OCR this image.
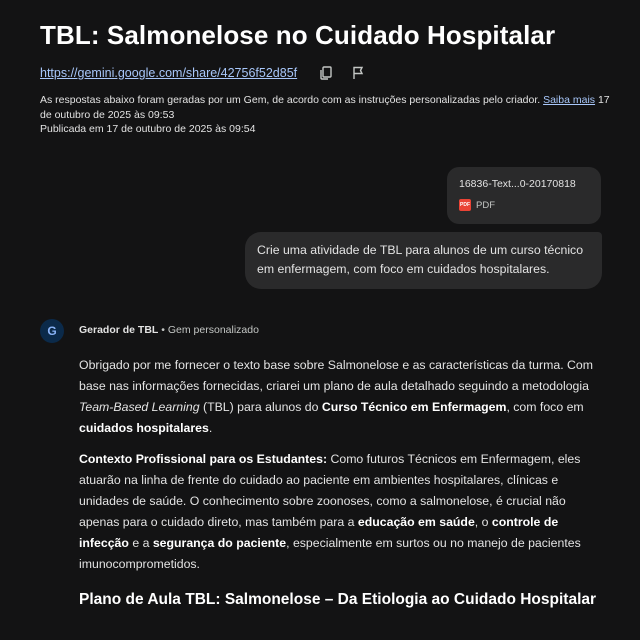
TBL: Salmonelose no Cuidado Hospitalar
https://gemini.google.com/share/42756f52d85f
As respostas abaixo foram geradas por um Gem, de acordo com as instruções personalizadas pelo criador. Saiba mais 17 de outubro de 2025 às 09:53
Publicada em 17 de outubro de 2025 às 09:54
16836-Text...0-20170818
PDF PDF
Crie uma atividade de TBL para alunos de um curso técnico em enfermagem, com foco em cuidados hospitalares.
G	Gerador de TBL • Gem personalizado

Obrigado por me fornecer o texto base sobre Salmonelose e as características da turma. Com base nas informações fornecidas, criarei um plano de aula detalhado seguindo a metodologia Team-Based Learning (TBL) para alunos do Curso Técnico em Enfermagem, com foco em cuidados hospitalares.

Contexto Profissional para os Estudantes: Como futuros Técnicos em Enfermagem, eles atuarão na linha de frente do cuidado ao paciente em ambientes hospitalares, clínicas e unidades de saúde. O conhecimento sobre zoonoses, como a salmonelose, é crucial não apenas para o cuidado direto, mas também para a educação em saúde, o controle de infecção e a segurança do paciente, especialmente em surtos ou no manejo de pacientes imunocomprometidos.

Plano de Aula TBL: Salmonelose – Da Etiologia ao Cuidado Hospitalar
